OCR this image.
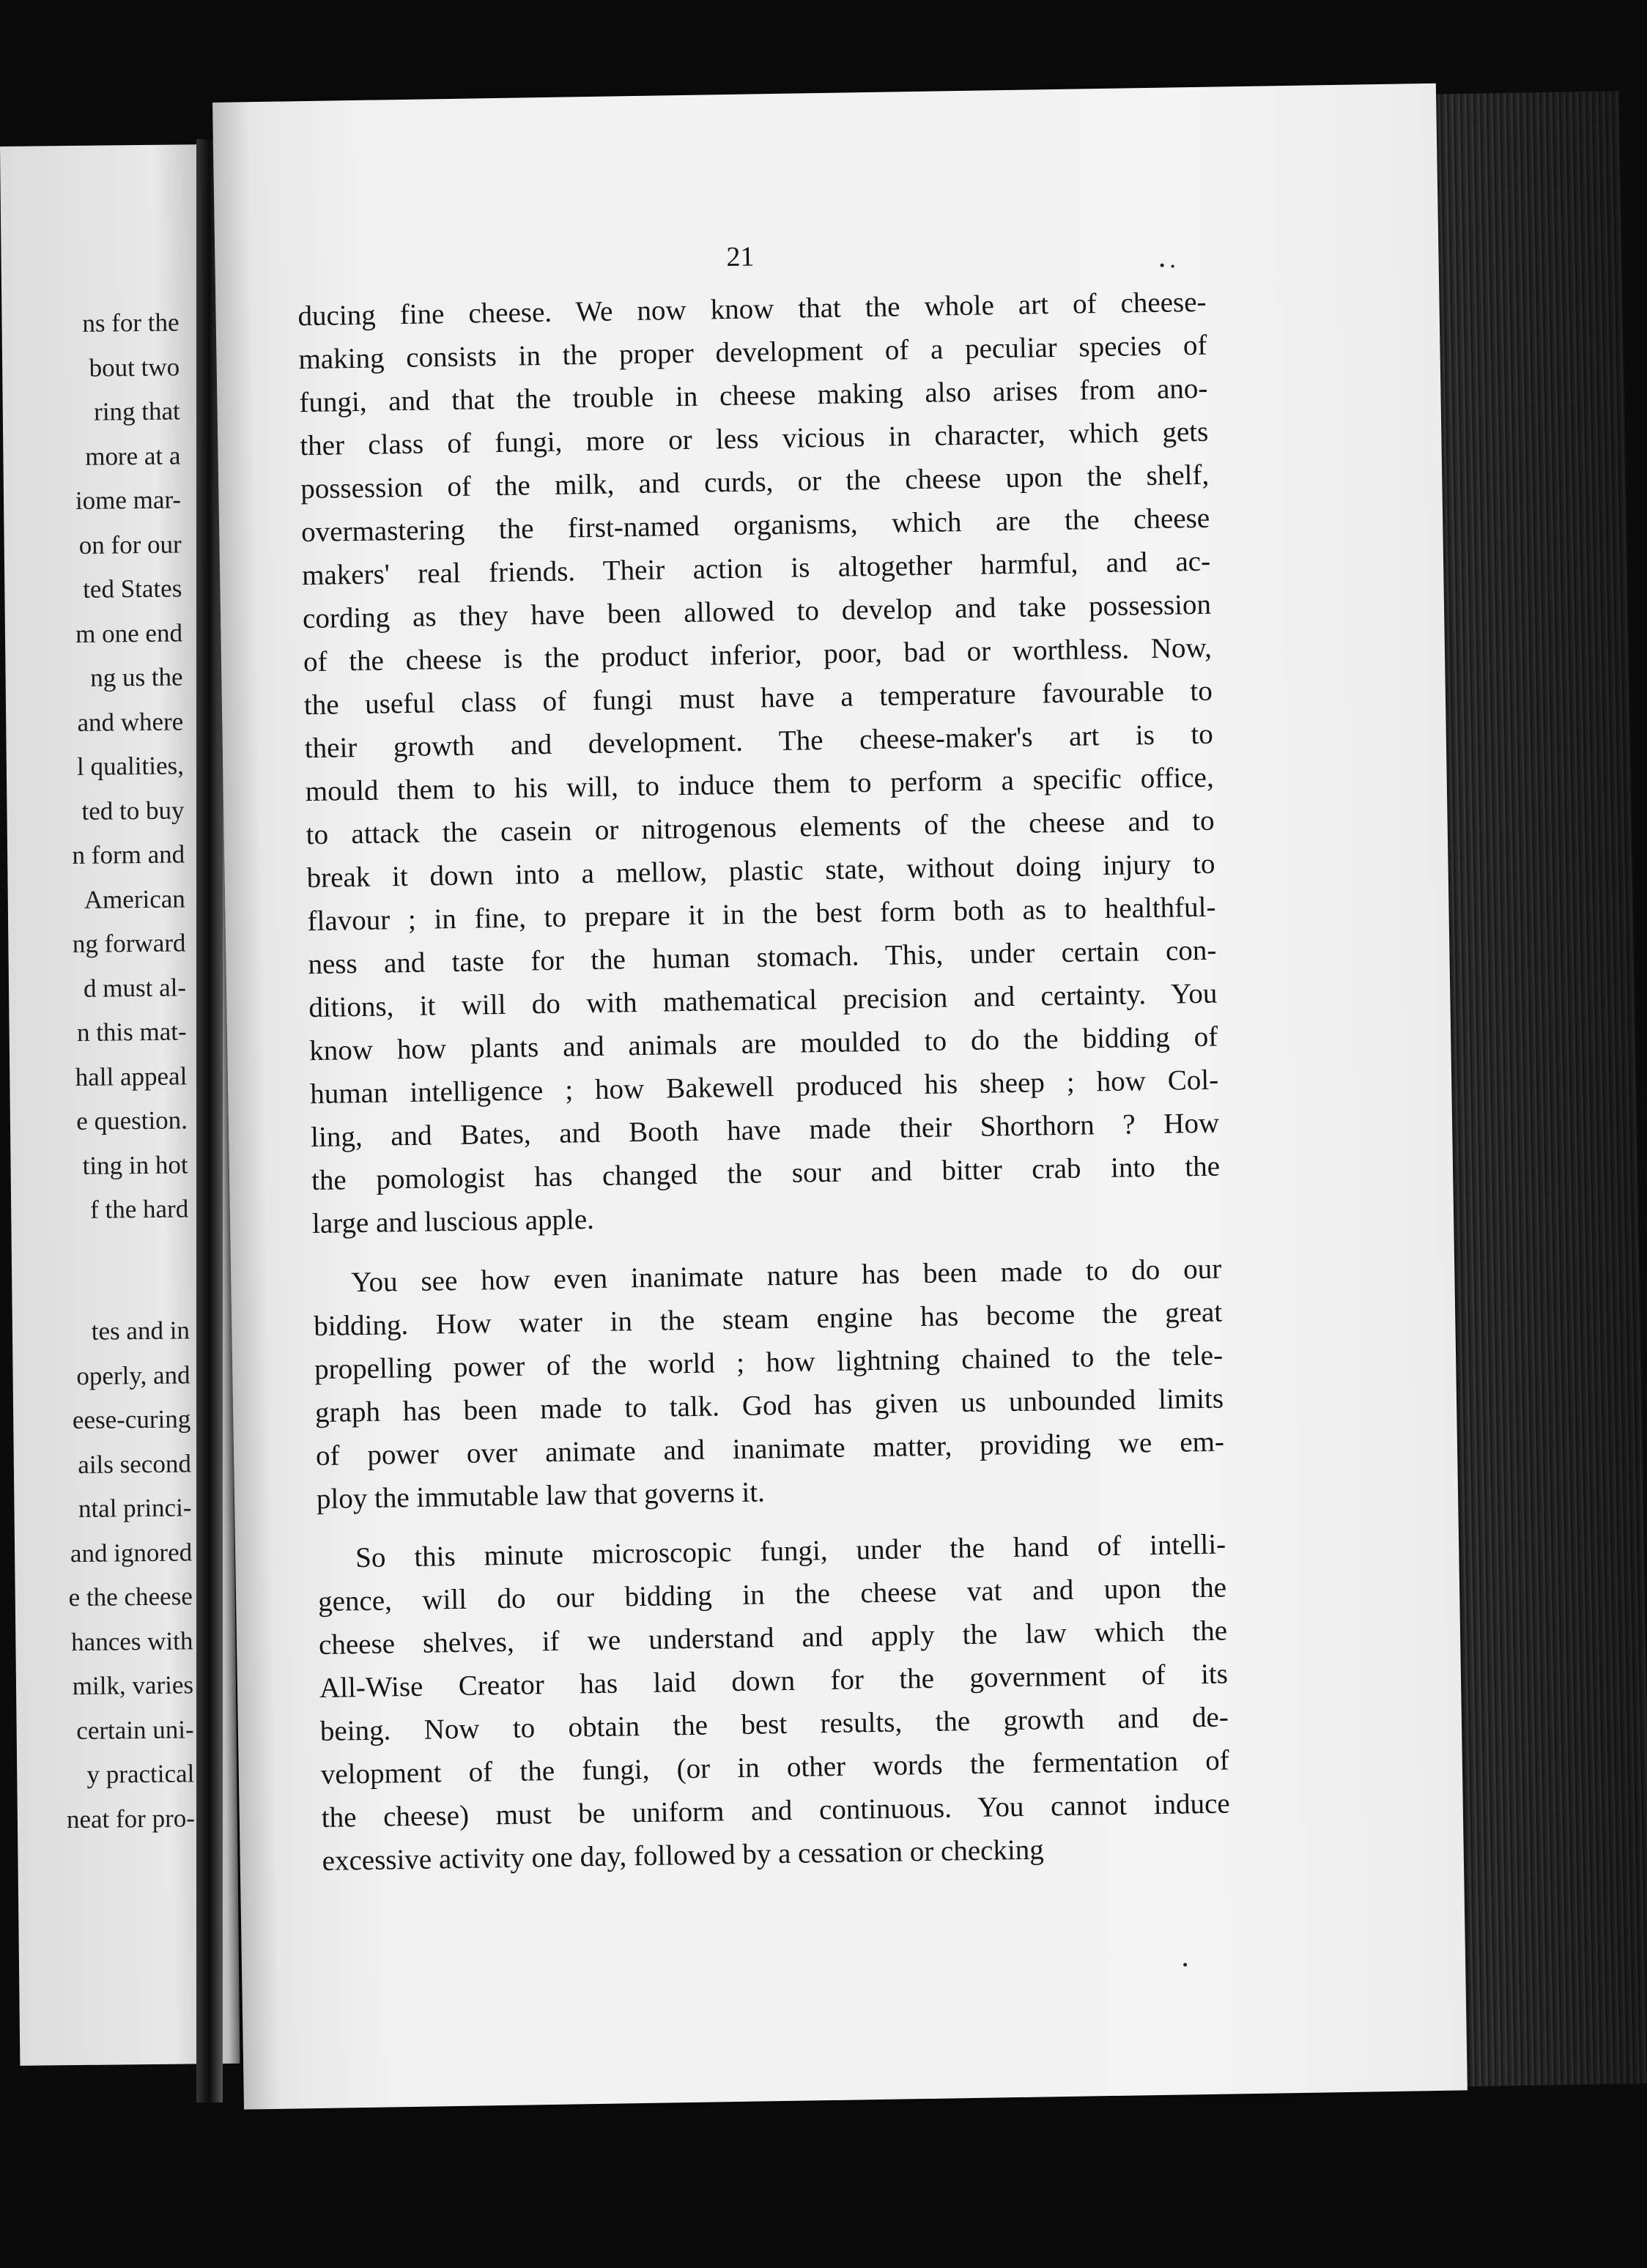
ns for the
bout two
ring that
more at a
iome mar-
on for our
ted States
m one end
ng us the
and where
l qualities,
ted to buy
n form and
American
ng forward
d must al-
n this mat-
hall appeal
e question.
ting in hot
f the hard
tes and in
operly, and
eese-curing
ails second
ntal princi-
and ignored
e the cheese
hances with
milk, varies
certain uni-
y practical
neat for pro-
21
ducing fine cheese. We now know that the whole art of cheese-
making consists in the proper development of a peculiar species of
fungi, and that the trouble in cheese making also arises from ano-
ther class of fungi, more or less vicious in character, which gets
possession of the milk, and curds, or the cheese upon the shelf,
overmastering the first-named organisms, which are the cheese
makers' real friends. Their action is altogether harmful, and ac-
cording as they have been allowed to develop and take possession
of the cheese is the product inferior, poor, bad or worthless. Now,
the useful class of fungi must have a temperature favourable to
their growth and development. The cheese-maker's art is to
mould them to his will, to induce them to perform a specific office,
to attack the casein or nitrogenous elements of the cheese and to
break it down into a mellow, plastic state, without doing injury to
flavour ; in fine, to prepare it in the best form both as to healthful-
ness and taste for the human stomach. This, under certain con-
ditions, it will do with mathematical precision and certainty. You
know how plants and animals are moulded to do the bidding of
human intelligence ; how Bakewell produced his sheep ; how Col-
ling, and Bates, and Booth have made their Shorthorn ? How
the pomologist has changed the sour and bitter crab into the
large and luscious apple.
You see how even inanimate nature has been made to do our
bidding. How water in the steam engine has become the great
propelling power of the world ; how lightning chained to the tele-
graph has been made to talk. God has given us unbounded limits
of power over animate and inanimate matter, providing we em-
ploy the immutable law that governs it.
So this minute microscopic fungi, under the hand of intelli-
gence, will do our bidding in the cheese vat and upon the
cheese shelves, if we understand and apply the law which the
All-Wise Creator has laid down for the government of its
being. Now to obtain the best results, the growth and de-
velopment of the fungi, (or in other words the fermentation of
the cheese) must be uniform and continuous. You cannot induce
excessive activity one day, followed by a cessation or checking
